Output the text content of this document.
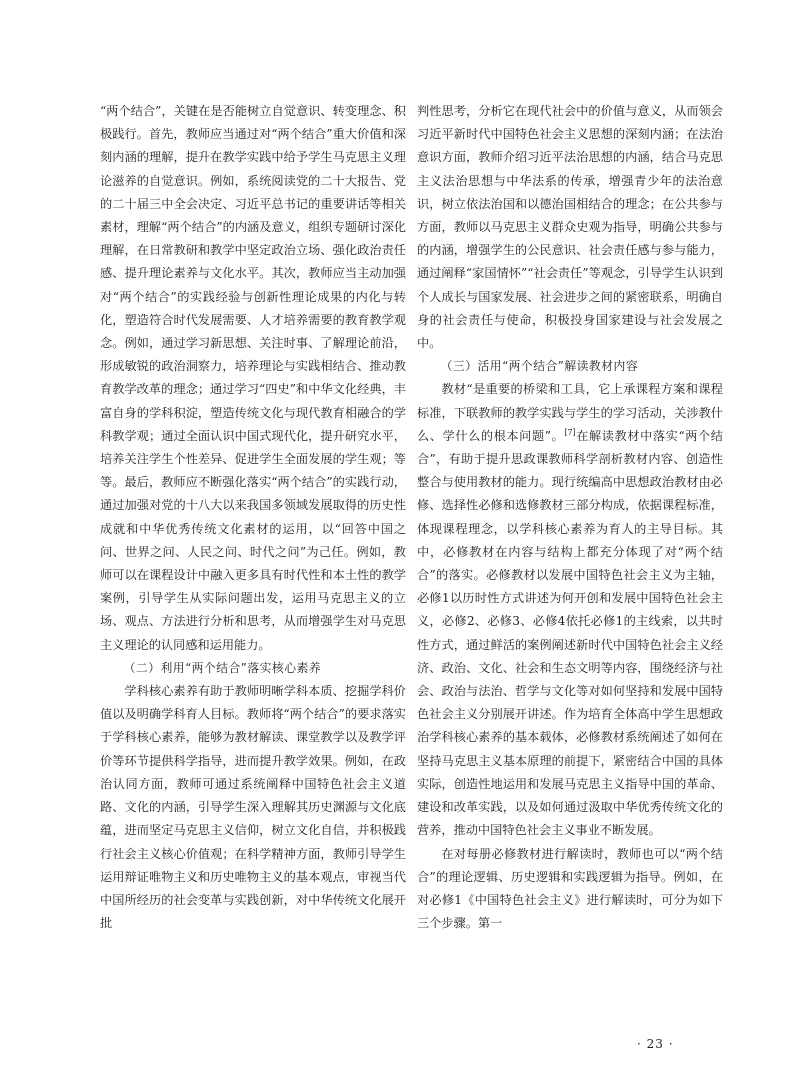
“两个结合”，关键在是否能树立自觉意识、转变理念、积极践行。首先，教师应当通过对“两个结合”重大价值和深刻内涵的理解，提升在教学实践中给予学生马克思主义理论滋养的自觉意识。例如，系统阅读党的二十大报告、党的二十届三中全会决定、习近平总书记的重要讲话等相关素材，理解“两个结合”的内涵及意义，组织专题研讨深化理解，在日常教研和教学中坚定政治立场、强化政治责任感、提升理论素养与文化水平。其次，教师应当主动加强对“两个结合”的实践经验与创新性理论成果的内化与转化，塑造符合时代发展需要、人才培养需要的教育教学观念。例如，通过学习新思想、关注时事、了解理论前沿，形成敏锐的政治洞察力，培养理论与实践相结合、推动教育教学改革的理念；通过学习“四史”和中华文化经典，丰富自身的学科积淀，塑造传统文化与现代教育相融合的学科教学观；通过全面认识中国式现代化，提升研究水平，培养关注学生个性差异、促进学生全面发展的学生观；等等。最后，教师应不断强化落实“两个结合”的实践行动，通过加强对党的十八大以来我国多领域发展取得的历史性成就和中华优秀传统文化素材的运用，以“回答中国之问、世界之问、人民之问、时代之问”为己任。例如，教师可以在课程设计中融入更多具有时代性和本土性的教学案例，引导学生从实际问题出发，运用马克思主义的立场、观点、方法进行分析和思考，从而增强学生对马克思主义理论的认同感和运用能力。

（二）利用“两个结合”落实核心素养

学科核心素养有助于教师明晰学科本质、挖掘学科价值以及明确学科育人目标。教师将“两个结合”的要求落实于学科核心素养，能够为教材解读、课堂教学以及教学评价等环节提供科学指导，进而提升教学效果。例如，在政治认同方面，教师可通过系统阐释中国特色社会主义道路、文化的内涵，引导学生深入理解其历史渊源与文化底蕴，进而坚定马克思主义信仰，树立文化自信，并积极践行社会主义核心价值观；在科学精神方面，教师引导学生运用辩证唯物主义和历史唯物主义的基本观点，审视当代中国所经历的社会变革与实践创新，对中华传统文化展开批

判性思考，分析它在现代社会中的价值与意义，从而领会习近平新时代中国特色社会主义思想的深刻内涵；在法治意识方面，教师介绍习近平法治思想的内涵，结合马克思主义法治思想与中华法系的传承，增强青少年的法治意识，树立依法治国和以德治国相结合的理念；在公共参与方面，教师以马克思主义群众史观为指导，明确公共参与的内涵，增强学生的公民意识、社会责任感与参与能力，通过阐释“家国情怀”“社会责任”等观念，引导学生认识到个人成长与国家发展、社会进步之间的紧密联系，明确自身的社会责任与使命，积极投身国家建设与社会发展之中。

（三）活用“两个结合”解读教材内容

教材“是重要的桥梁和工具，它上承课程方案和课程标准，下联教师的教学实践与学生的学习活动，关涉教什么、学什么的根本问题”。[7]在解读教材中落实“两个结合”，有助于提升思政课教师科学剖析教材内容、创造性整合与使用教材的能力。现行统编高中思想政治教材由必修、选择性必修和选修教材三部分构成，依据课程标准，体现课程理念，以学科核心素养为育人的主导目标。其中，必修教材在内容与结构上都充分体现了对“两个结合”的落实。必修教材以发展中国特色社会主义为主轴，必修1以历时性方式讲述为何开创和发展中国特色社会主义，必修2、必修3、必修4依托必修1的主线索，以共时性方式，通过鲜活的案例阐述新时代中国特色社会主义经济、政治、文化、社会和生态文明等内容，围绕经济与社会、政治与法治、哲学与文化等对如何坚持和发展中国特色社会主义分别展开讲述。作为培育全体高中学生思想政治学科核心素养的基本载体，必修教材系统阐述了如何在坚持马克思主义基本原理的前提下，紧密结合中国的具体实际，创造性地运用和发展马克思主义指导中国的革命、建设和改革实践，以及如何通过汲取中华优秀传统文化的营养，推动中国特色社会主义事业不断发展。

在对每册必修教材进行解读时，教师也可以“两个结合”的理论逻辑、历史逻辑和实践逻辑为指导。例如，在对必修1《中国特色社会主义》进行解读时，可分为如下三个步骤。第一

· 23 ·
